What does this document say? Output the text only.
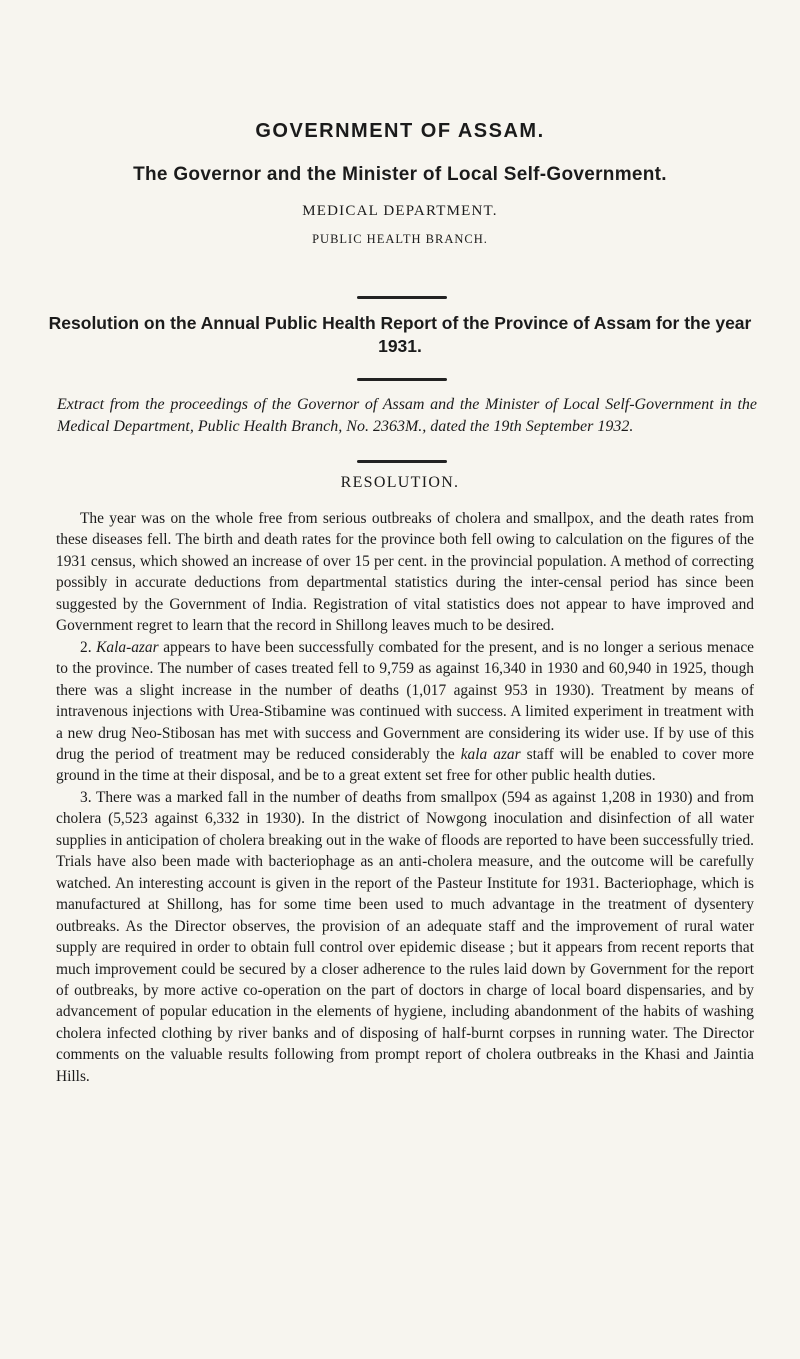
GOVERNMENT OF ASSAM.
The Governor and the Minister of Local Self-Government.
MEDICAL DEPARTMENT.
PUBLIC HEALTH BRANCH.
Resolution on the Annual Public Health Report of the Province of Assam for the year 1931.
Extract from the proceedings of the Governor of Assam and the Minister of Local Self-Government in the Medical Department, Public Health Branch, No. 2363M., dated the 19th September 1932.
RESOLUTION.

The year was on the whole free from serious outbreaks of cholera and smallpox, and the death rates from these diseases fell. The birth and death rates for the province both fell owing to calculation on the figures of the 1931 census, which showed an increase of over 15 per cent. in the provincial population. A method of correcting possibly in accurate deductions from departmental statistics during the inter-censal period has since been suggested by the Government of India. Registration of vital statistics does not appear to have improved and Government regret to learn that the record in Shillong leaves much to be desired.

2. Kala-azar appears to have been successfully combated for the present, and is no longer a serious menace to the province. The number of cases treated fell to 9,759 as against 16,340 in 1930 and 60,940 in 1925, though there was a slight increase in the number of deaths (1,017 against 953 in 1930). Treatment by means of intravenous injections with Urea-Stibamine was continued with success. A limited experiment in treatment with a new drug Neo-Stibosan has met with success and Government are considering its wider use. If by use of this drug the period of treatment may be reduced considerably the kala azar staff will be enabled to cover more ground in the time at their disposal, and be to a great extent set free for other public health duties.

3. There was a marked fall in the number of deaths from smallpox (594 as against 1,208 in 1930) and from cholera (5,523 against 6,332 in 1930). In the district of Nowgong inoculation and disinfection of all water supplies in anticipation of cholera breaking out in the wake of floods are reported to have been successfully tried. Trials have also been made with bacteriophage as an anti-cholera measure, and the outcome will be carefully watched. An interesting account is given in the report of the Pasteur Institute for 1931. Bacteriophage, which is manufactured at Shillong, has for some time been used to much advantage in the treatment of dysentery outbreaks. As the Director observes, the provision of an adequate staff and the improvement of rural water supply are required in order to obtain full control over epidemic disease ; but it appears from recent reports that much improvement could be secured by a closer adherence to the rules laid down by Government for the report of outbreaks, by more active co-operation on the part of doctors in charge of local board dispensaries, and by advancement of popular education in the elements of hygiene, including abandonment of the habits of washing cholera infected clothing by river banks and of disposing of half-burnt corpses in running water. The Director comments on the valuable results following from prompt report of cholera outbreaks in the Khasi and Jaintia Hills.
